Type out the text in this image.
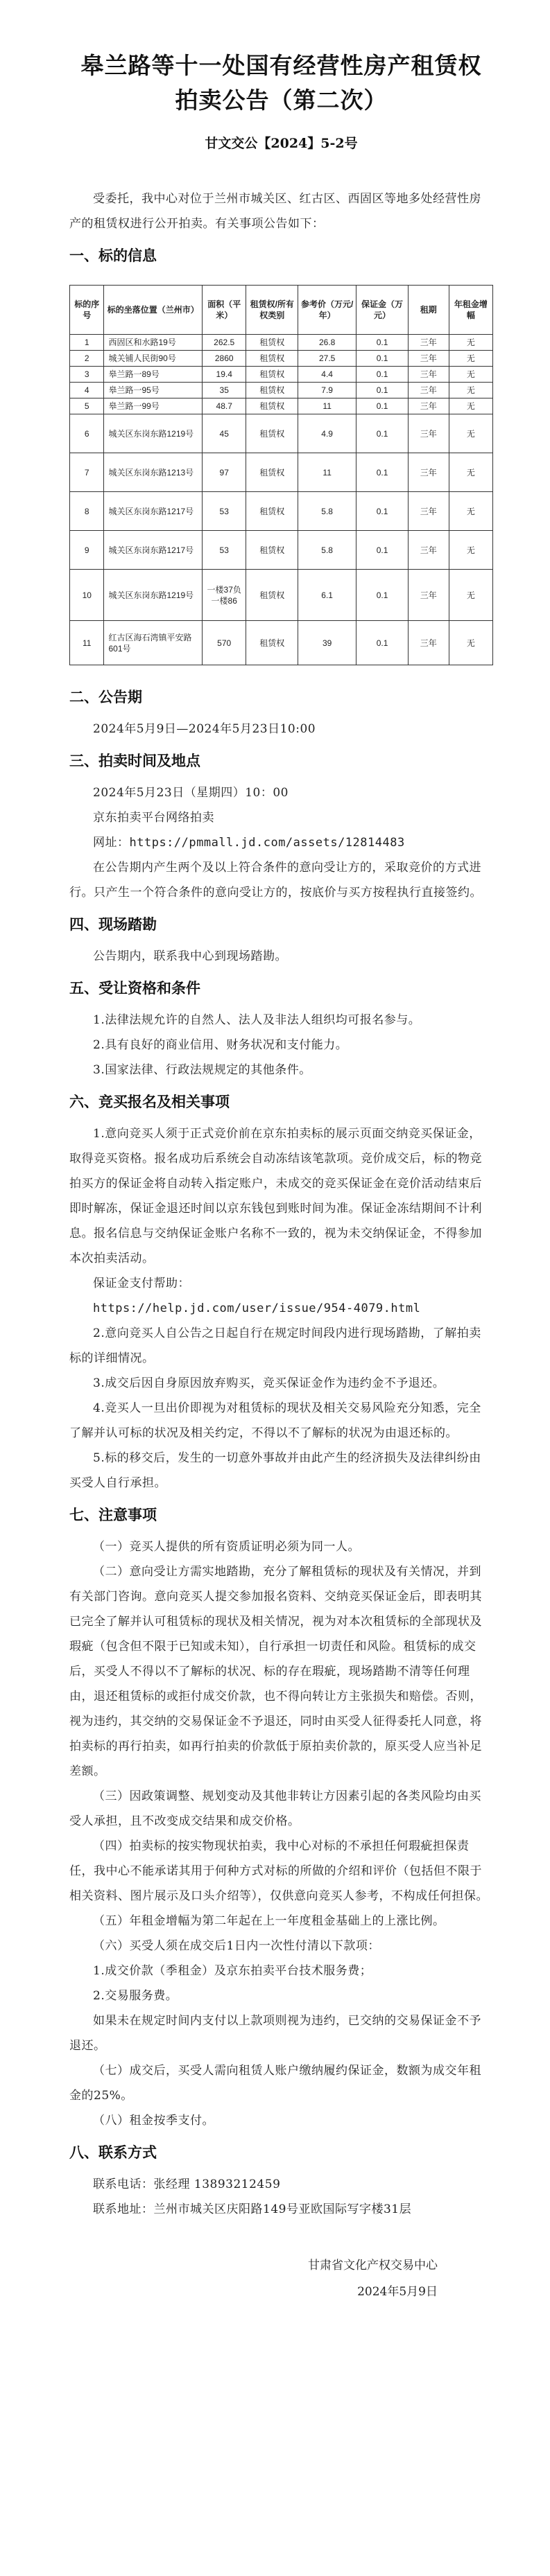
皋兰路等十一处国有经营性房产租赁权
拍卖公告（第二次）
甘文交公【2024】5-2号

受委托，我中心对位于兰州市城关区、红古区、西固区等地多处经营性房产的租赁权进行公开拍卖。有关事项公告如下：

一、标的信息
标的序号	标的坐落位置（兰州市）	面积（平米）	租赁权/所有权类别	参考价（万元/年）	保证金（万元）	租期	年租金增幅
1	西固区和水路19号	262.5	租赁权	26.8	0.1	三年	无
2	城关铺人民街90号	2860	租赁权	27.5	0.1	三年	无
3	皋兰路一89号	19.4	租赁权	4.4	0.1	三年	无
4	皋兰路一95号	35	租赁权	7.9	0.1	三年	无
5	皋兰路一99号	48.7	租赁权	11	0.1	三年	无
6	城关区东岗东路1219号	45	租赁权	4.9	0.1	三年	无
7	城关区东岗东路1213号	97	租赁权	11	0.1	三年	无
8	城关区东岗东路1217号	53	租赁权	5.8	0.1	三年	无
9	城关区东岗东路1217号	53	租赁权	5.8	0.1	三年	无
10	城关区东岗东路1219号	一楼37负一楼86	租赁权	6.1	0.1	三年	无
11	红古区海石湾镇平安路601号	570	租赁权	39	0.1	三年	无
二、公告期

2024年5月9日—2024年5月23日10:00

三、拍卖时间及地点

2024年5月23日（星期四）10：00

京东拍卖平台网络拍卖

网址：https://pmmall.jd.com/assets/12814483

在公告期内产生两个及以上符合条件的意向受让方的，采取竞价的方式进行。只产生一个符合条件的意向受让方的，按底价与买方按程执行直接签约。

四、现场踏勘

公告期内，联系我中心到现场踏勘。

五、受让资格和条件

1.法律法规允许的自然人、法人及非法人组织均可报名参与。

2.具有良好的商业信用、财务状况和支付能力。

3.国家法律、行政法规规定的其他条件。

六、竞买报名及相关事项

1.意向竞买人须于正式竞价前在京东拍卖标的展示页面交纳竞买保证金，取得竞买资格。报名成功后系统会自动冻结该笔款项。竞价成交后，标的物竞拍买方的保证金将自动转入指定账户，未成交的竞买保证金在竞价活动结束后即时解冻，保证金退还时间以京东钱包到账时间为准。保证金冻结期间不计利息。报名信息与交纳保证金账户名称不一致的，视为未交纳保证金，不得参加本次拍卖活动。

保证金支付帮助：

https://help.jd.com/user/issue/954-4079.html

2.意向竞买人自公告之日起自行在规定时间段内进行现场踏勘，了解拍卖标的详细情况。

3.成交后因自身原因放弃购买，竞买保证金作为违约金不予退还。

4.竞买人一旦出价即视为对租赁标的现状及相关交易风险充分知悉，完全了解并认可标的状况及相关约定，不得以不了解标的状况为由退还标的。

5.标的移交后，发生的一切意外事故并由此产生的经济损失及法律纠纷由买受人自行承担。

七、注意事项

（一）竞买人提供的所有资质证明必须为同一人。

（二）意向受让方需实地踏勘，充分了解租赁标的现状及有关情况，并到有关部门咨询。意向竞买人提交参加报名资料、交纳竞买保证金后，即表明其已完全了解并认可租赁标的现状及相关情况，视为对本次租赁标的全部现状及瑕疵（包含但不限于已知或未知），自行承担一切责任和风险。租赁标的成交后，买受人不得以不了解标的状况、标的存在瑕疵，现场踏勘不清等任何理由，退还租赁标的或拒付成交价款，也不得向转让方主张损失和赔偿。否则，视为违约，其交纳的交易保证金不予退还，同时由买受人征得委托人同意，将拍卖标的再行拍卖，如再行拍卖的价款低于原拍卖价款的，原买受人应当补足差额。

（三）因政策调整、规划变动及其他非转让方因素引起的各类风险均由买受人承担，且不改变成交结果和成交价格。

（四）拍卖标的按实物现状拍卖，我中心对标的不承担任何瑕疵担保责任，我中心不能承诺其用于何种方式对标的所做的介绍和评价（包括但不限于相关资料、图片展示及口头介绍等），仅供意向竞买人参考，不构成任何担保。

（五）年租金增幅为第二年起在上一年度租金基础上的上涨比例。

（六）买受人须在成交后1日内一次性付清以下款项：

1.成交价款（季租金）及京东拍卖平台技术服务费；

2.交易服务费。

如果未在规定时间内支付以上款项则视为违约，已交纳的交易保证金不予退还。

（七）成交后，买受人需向租赁人账户缴纳履约保证金，数额为成交年租金的25%。

（八）租金按季支付。

八、联系方式

联系电话：张经理 13893212459

联系地址：兰州市城关区庆阳路149号亚欧国际写字楼31层

甘肃省文化产权交易中心
2024年5月9日
